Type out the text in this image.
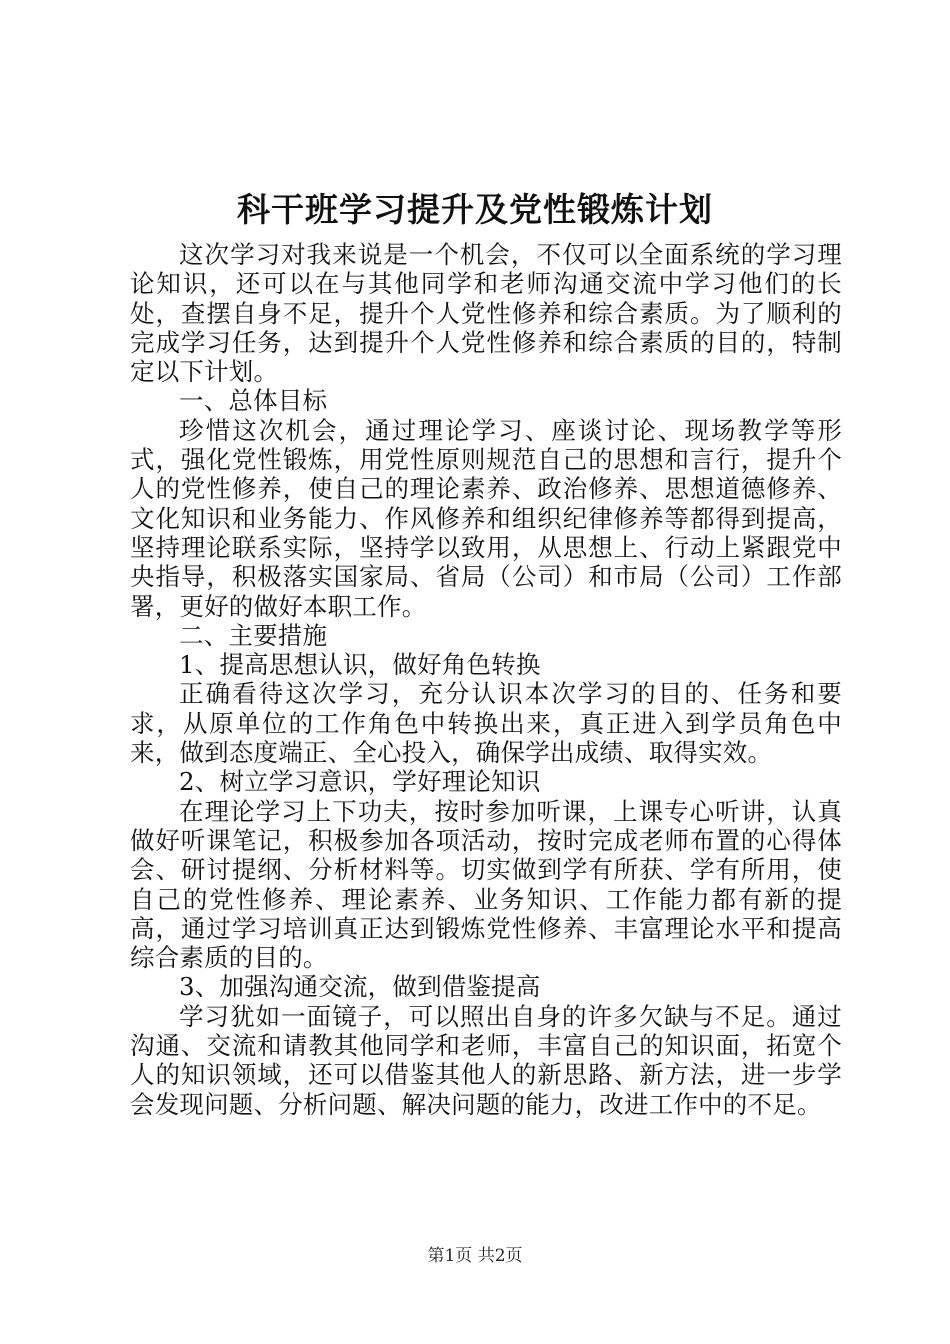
科干班学习提升及党性锻炼计划

这次学习对我来说是一个机会，不仅可以全面系统的学习理论知识，还可以在与其他同学和老师沟通交流中学习他们的长处，查摆自身不足，提升个人党性修养和综合素质。为了顺利的完成学习任务，达到提升个人党性修养和综合素质的目的，特制定以下计划。

一、总体目标

珍惜这次机会，通过理论学习、座谈讨论、现场教学等形式，强化党性锻炼，用党性原则规范自己的思想和言行，提升个人的党性修养，使自己的理论素养、政治修养、思想道德修养、文化知识和业务能力、作风修养和组织纪律修养等都得到提高，坚持理论联系实际，坚持学以致用，从思想上、行动上紧跟党中央指导，积极落实国家局、省局（公司）和市局（公司）工作部署，更好的做好本职工作。

二、主要措施

1、提高思想认识，做好角色转换

正确看待这次学习，充分认识本次学习的目的、任务和要求，从原单位的工作角色中转换出来，真正进入到学员角色中来，做到态度端正、全心投入，确保学出成绩、取得实效。

2、树立学习意识，学好理论知识

在理论学习上下功夫，按时参加听课，上课专心听讲，认真做好听课笔记，积极参加各项活动，按时完成老师布置的心得体会、研讨提纲、分析材料等。切实做到学有所获、学有所用，使自己的党性修养、理论素养、业务知识、工作能力都有新的提高，通过学习培训真正达到锻炼党性修养、丰富理论水平和提高综合素质的目的。

3、加强沟通交流，做到借鉴提高

学习犹如一面镜子，可以照出自身的许多欠缺与不足。通过沟通、交流和请教其他同学和老师，丰富自己的知识面，拓宽个人的知识领域，还可以借鉴其他人的新思路、新方法，进一步学会发现问题、分析问题、解决问题的能力，改进工作中的不足。

第1页 共2页
